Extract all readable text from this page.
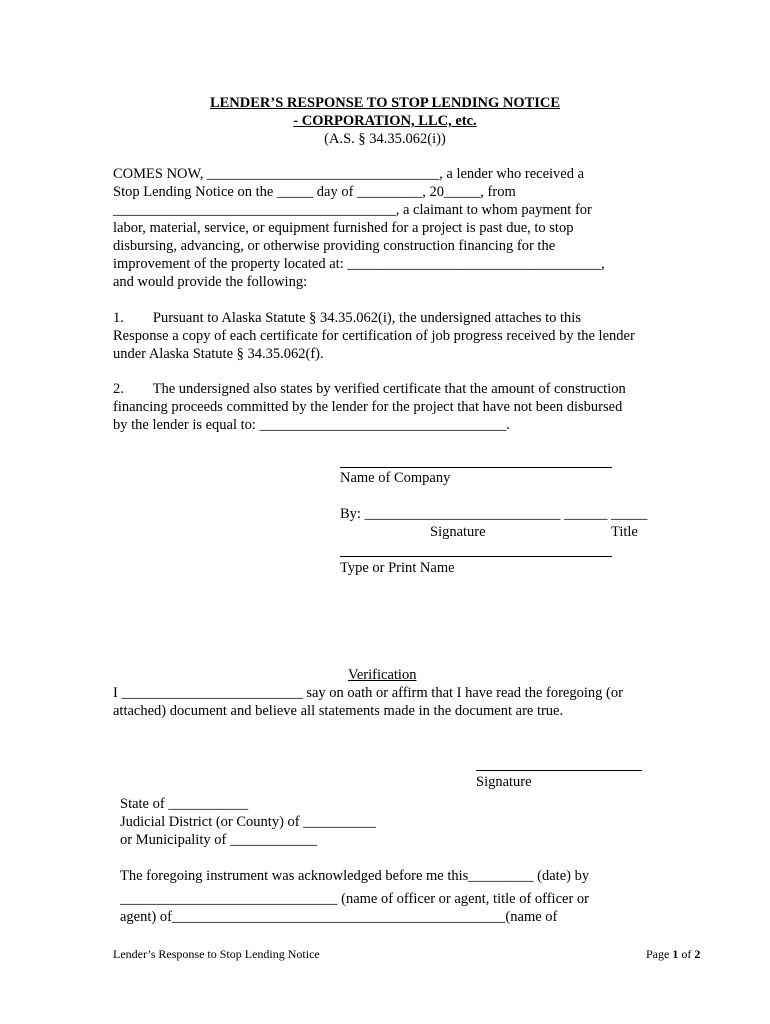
LENDER’S RESPONSE TO STOP LENDING NOTICE
- CORPORATION, LLC, etc.
(A.S. § 34.35.062(i))
COMES NOW, ________________________________, a lender who received a
Stop Lending Notice on the _____ day of _________, 20_____, from
_______________________________________, a claimant to whom payment for
labor, material, service, or equipment furnished for a project is past due, to stop
disbursing, advancing, or otherwise providing construction financing for the
improvement of the property located at: ___________________________________,
and would provide the following:
1.        Pursuant to Alaska Statute § 34.35.062(i), the undersigned attaches to this
Response a copy of each certificate for certification of job progress received by the lender
under Alaska Statute § 34.35.062(f).
2.        The undersigned also states by verified certificate that the amount of construction
financing proceeds committed by the lender for the project that have not been disbursed
by the lender is equal to: __________________________________.
Name of Company
By: ___________________________ ______ _____
Signature	Title
Type or Print Name
Verification
I _________________________ say on oath or affirm that I have read the foregoing (or
attached) document and believe all statements made in the document are true.
Signature
State of ___________
Judicial District (or County) of __________
or Municipality of ____________
The foregoing instrument was acknowledged before me this_________ (date) by
______________________________ (name of officer or agent, title of officer or
agent) of______________________________________________(name of
Lender’s Response to Stop Lending Notice	Page 1 of 2
